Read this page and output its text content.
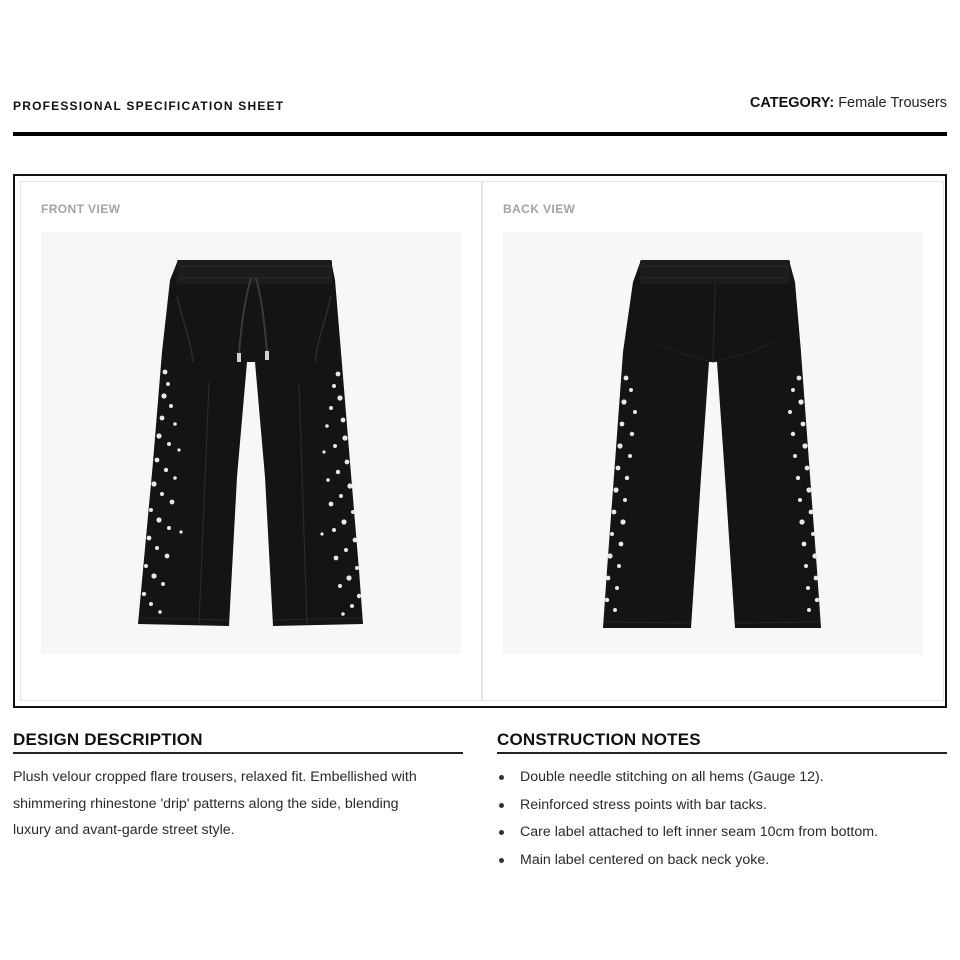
PROFESSIONAL SPECIFICATION SHEET	CATEGORY: Female Trousers
FRONT VIEW	BACK VIEW
DESIGN DESCRIPTION
Plush velour cropped flare trousers, relaxed fit. Embellished with
shimmering rhinestone 'drip' patterns along the side, blending
luxury and avant-garde street style.
CONSTRUCTION NOTES
Double needle stitching on all hems (Gauge 12).
Reinforced stress points with bar tacks.
Care label attached to left inner seam 10cm from bottom.
Main label centered on back neck yoke.
